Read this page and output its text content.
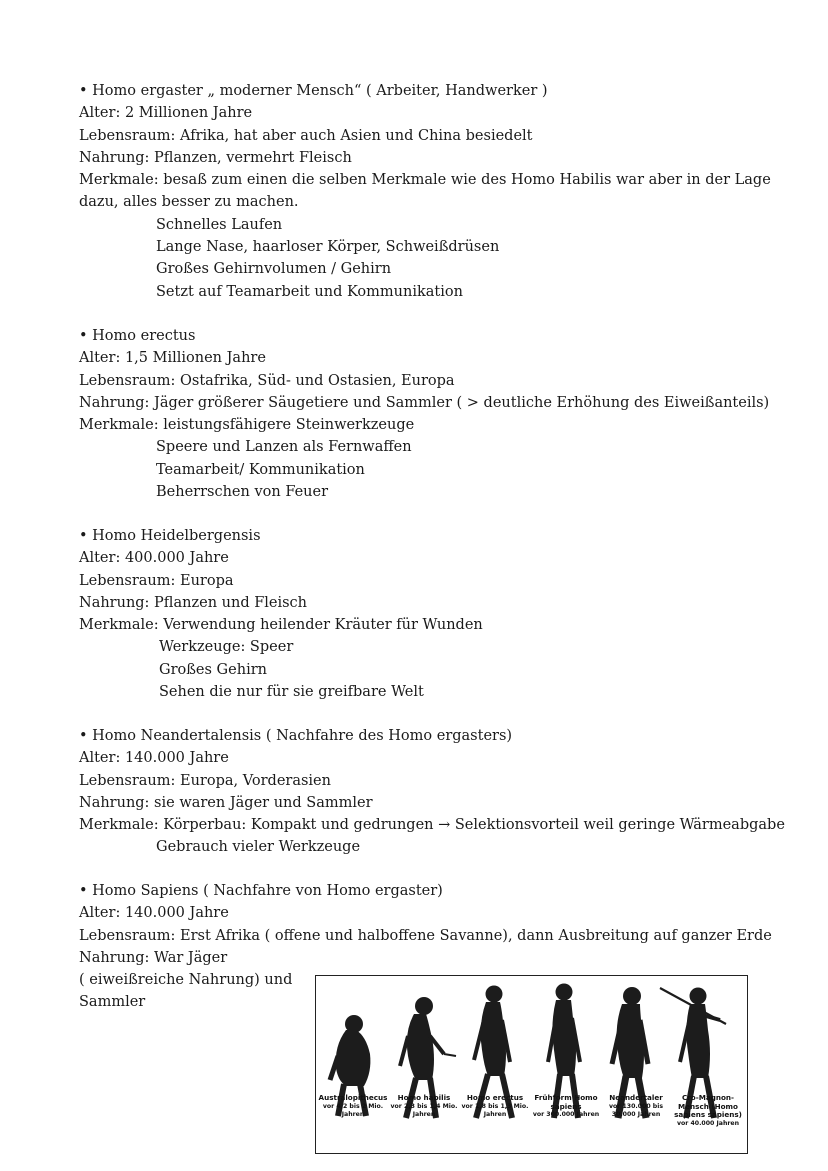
• Homo ergaster „ moderner Mensch“ ( Arbeiter, Handwerker )
Alter: 2 Millionen Jahre
Lebensraum: Afrika, hat aber auch Asien und China besiedelt
Nahrung: Pflanzen, vermehrt Fleisch
Merkmale: besaß zum einen die selben Merkmale wie des Homo Habilis war aber in der Lage
dazu, alles besser zu machen.
Schnelles Laufen
Lange Nase, haarloser Körper, Schweißdrüsen
Großes Gehirnvolumen / Gehirn
Setzt auf Teamarbeit und Kommunikation
• Homo erectus
Alter: 1,5 Millionen Jahre
Lebensraum: Ostafrika, Süd- und Ostasien, Europa
Nahrung: Jäger größerer Säugetiere und Sammler ( > deutliche Erhöhung des Eiweißanteils)
Merkmale: leistungsfähigere Steinwerkzeuge
Speere und Lanzen als Fernwaffen
Teamarbeit/ Kommunikation
Beherrschen von Feuer
• Homo Heidelbergensis
Alter: 400.000 Jahre
Lebensraum: Europa
Nahrung: Pflanzen und Fleisch
Merkmale: Verwendung heilender Kräuter für Wunden
Werkzeuge: Speer
Großes Gehirn
Sehen die nur für sie greifbare Welt
• Homo Neandertalensis ( Nachfahre des Homo ergasters)
Alter: 140.000 Jahre
Lebensraum: Europa, Vorderasien
Nahrung: sie waren Jäger und Sammler
Merkmale: Körperbau: Kompakt und gedrungen → Selektionsvorteil weil geringe Wärmeabgabe
Gebrauch vieler Werkzeuge
• Homo Sapiens ( Nachfahre von Homo ergaster)
Alter: 140.000 Jahre
Lebensraum: Erst Afrika ( offene und halboffene Savanne), dann Ausbreitung auf ganzer Erde
Nahrung: War Jäger
( eiweißreiche Nahrung) und
Sammler
Australopithecus
vor 4,2 bis 2 Mio. Jahren
Homo habilis
vor 2,3 bis 1,4 Mio. Jahren
Homo erectus
vor 1,8 bis 1,3 Mio. Jahren
Frühform Homo sapiens
vor 300.000 Jahren
Neandertaler
vor 130.000 bis 30.000 Jahren
Cro-Magnon-Mensch (Homo sapiens sapiens)
vor 40.000 Jahren
